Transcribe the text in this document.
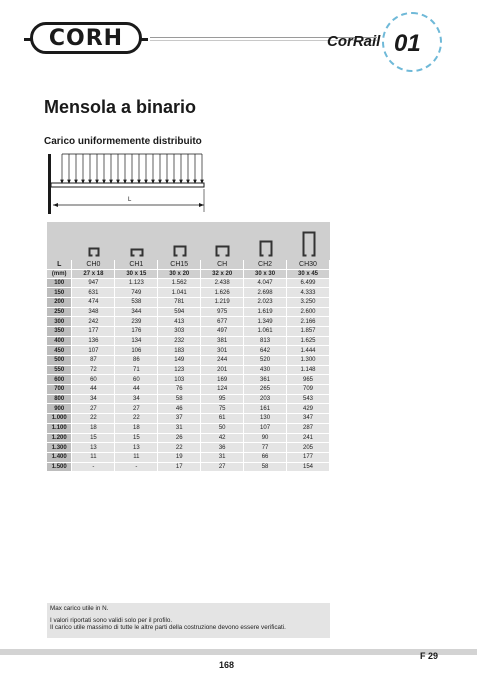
CORH	CorRail 01
Mensola a binario
Carico uniformemente distribuito
L
L	CH0	CH1	CH15	CH	CH2	CH30
(mm)	27 x 18	30 x 15	30 x 20	32 x 20	30 x 30	30 x 45
100	947	1.123	1.562	2.438	4.047	6.499
150	631	749	1.041	1.626	2.698	4.333
200	474	538	781	1.219	2.023	3.250
250	348	344	594	975	1.619	2.600
300	242	239	413	677	1.349	2.166
350	177	176	303	497	1.061	1.857
400	136	134	232	381	813	1.625
450	107	106	183	301	642	1.444
500	87	86	149	244	520	1.300
550	72	71	123	201	430	1.148
600	60	60	103	169	361	965
700	44	44	76	124	265	709
800	34	34	58	95	203	543
900	27	27	46	75	161	429
1.000	22	22	37	61	130	347
1.100	18	18	31	50	107	287
1.200	15	15	26	42	90	241
1.300	13	13	22	36	77	205
1.400	11	11	19	31	66	177
1.500	-	-	17	27	58	154

Max carico utile in N.

I valori riportati sono validi solo per il profilo.

Il carico utile massimo di tutte le altre parti della costruzione devono essere verificati.

F 29
168
